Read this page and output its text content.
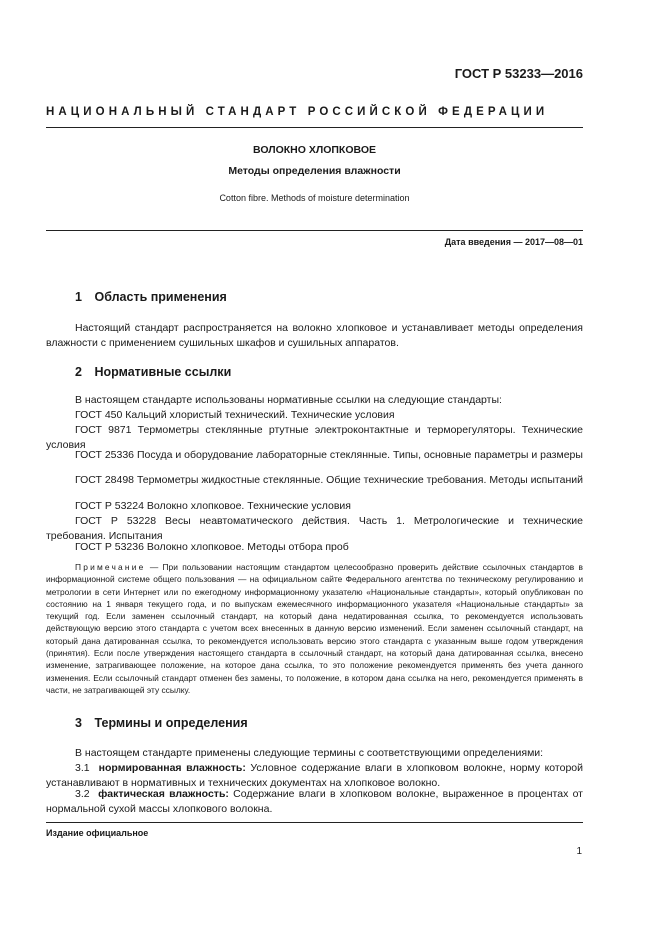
ГОСТ Р 53233—2016
НАЦИОНАЛЬНЫЙ СТАНДАРТ РОССИЙСКОЙ ФЕДЕРАЦИИ
ВОЛОКНО ХЛОПКОВОЕ
Методы определения влажности
Cotton fibre. Methods of moisture determination
Дата введения — 2017—08—01
1 Область применения

Настоящий стандарт распространяется на волокно хлопковое и устанавливает методы определения влажности с применением сушильных шкафов и сушильных аппаратов.

2 Нормативные ссылки

В настоящем стандарте использованы нормативные ссылки на следующие стандарты:

ГОСТ 450 Кальций хлористый технический. Технические условия

ГОСТ 9871 Термометры стеклянные ртутные электроконтактные и терморегуляторы. Технические условия

ГОСТ 25336 Посуда и оборудование лабораторные стеклянные. Типы, основные параметры и размеры

ГОСТ 28498 Термометры жидкостные стеклянные. Общие технические требования. Методы испытаний

ГОСТ Р 53224 Волокно хлопковое. Технические условия

ГОСТ Р 53228 Весы неавтоматического действия. Часть 1. Метрологические и технические требования. Испытания

ГОСТ Р 53236 Волокно хлопковое. Методы отбора проб

Примечание — При пользовании настоящим стандартом целесообразно проверить действие ссылочных стандартов в информационной системе общего пользования — на официальном сайте Федерального агентства по техническому регулированию и метрологии в сети Интернет или по ежегодному информационному указателю «Национальные стандарты», который опубликован по состоянию на 1 января текущего года, и по выпускам ежемесячного информационного указателя «Национальные стандарты» за текущий год. Если заменен ссылочный стандарт, на который дана недатированная ссылка, то рекомендуется использовать действующую версию этого стандарта с учетом всех внесенных в данную версию изменений. Если заменен ссылочный стандарт, на который дана датированная ссылка, то рекомендуется использовать версию этого стандарта с указанным выше годом утверждения (принятия). Если после утверждения настоящего стандарта в ссылочный стандарт, на который дана датированная ссылка, внесено изменение, затрагивающее положение, на которое дана ссылка, то это положение рекомендуется применять без учета данного изменения. Если ссылочный стандарт отменен без замены, то положение, в котором дана ссылка на него, рекомендуется применять в части, не затрагивающей эту ссылку.

3 Термины и определения

В настоящем стандарте применены следующие термины с соответствующими определениями:

3.1 нормированная влажность: Условное содержание влаги в хлопковом волокне, норму которой устанавливают в нормативных и технических документах на хлопковое волокно.

3.2 фактическая влажность: Содержание влаги в хлопковом волокне, выраженное в процентах от нормальной сухой массы хлопкового волокна.

Издание официальное
1
